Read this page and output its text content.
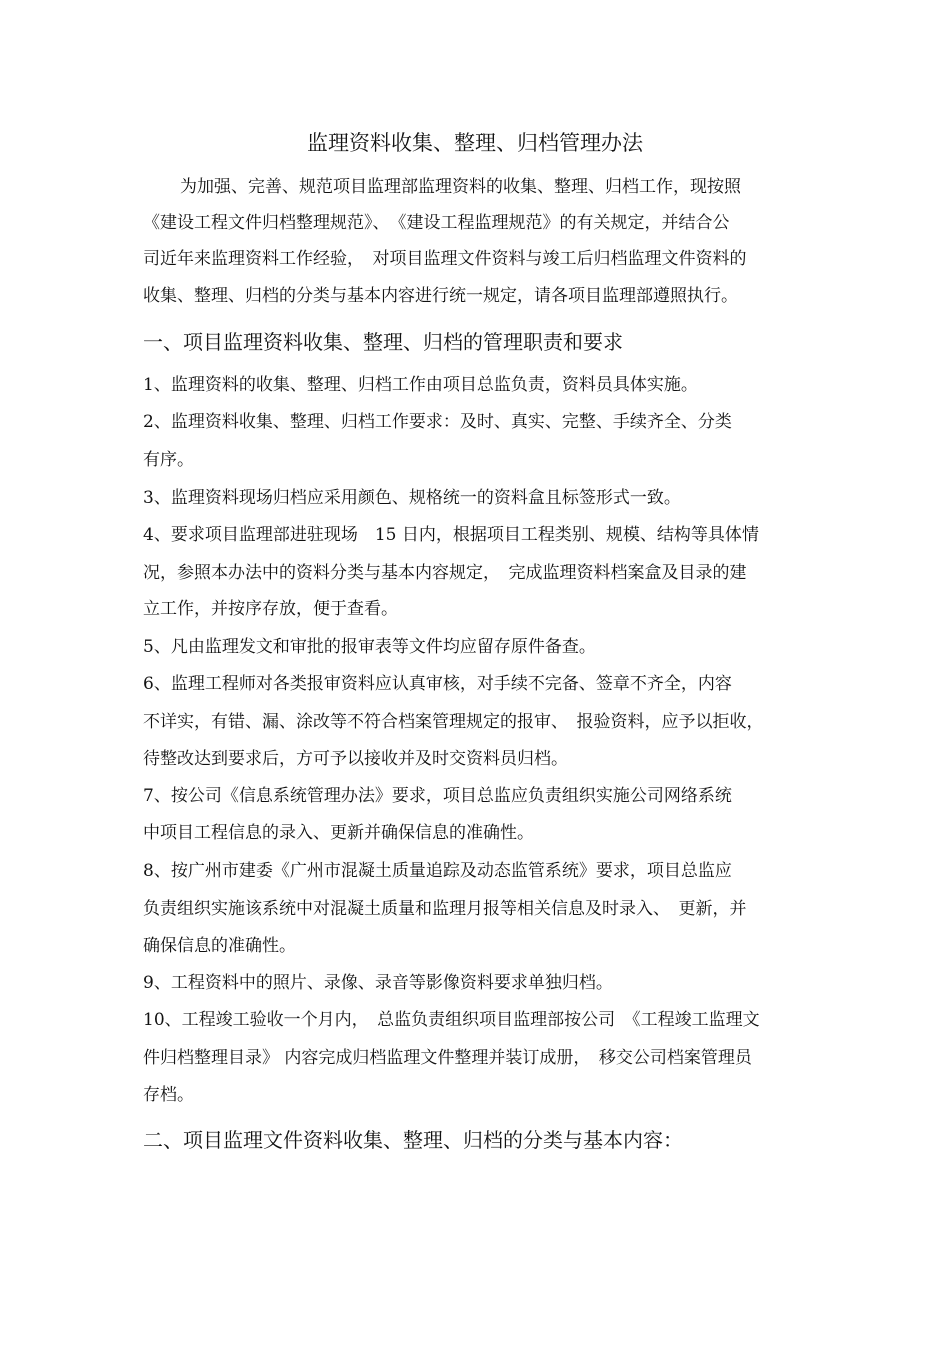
监理资料收集、整理、归档管理办法
为加强、完善、规范项目监理部监理资料的收集、整理、归档工作，现按照
《建设工程文件归档整理规范》、　《建设工程监理规范》的有关规定，并结合公
司近年来监理资料工作经验，　对项目监理文件资料与竣工后归档监理文件资料的
收集、整理、归档的分类与基本内容进行统一规定，请各项目监理部遵照执行。
一、项目监理资料收集、整理、归档的管理职责和要求
1、监理资料的收集、整理、归档工作由项目总监负责，资料员具体实施。
2、监理资料收集、整理、归档工作要求：及时、真实、完整、手续齐全、分类
有序。
3、监理资料现场归档应采用颜色、规格统一的资料盒且标签形式一致。
4、要求项目监理部进驻现场　15 日内，根据项目工程类别、规模、结构等具体情
况，参照本办法中的资料分类与基本内容规定，　完成监理资料档案盒及目录的建
立工作，并按序存放，便于查看。
5、凡由监理发文和审批的报审表等文件均应留存原件备查。
6、监理工程师对各类报审资料应认真审核，对手续不完备、签章不齐全，内容
不详实，有错、漏、涂改等不符合档案管理规定的报审、　报验资料，应予以拒收，
待整改达到要求后，方可予以接收并及时交资料员归档。
7、按公司《信息系统管理办法》要求，项目总监应负责组织实施公司网络系统
中项目工程信息的录入、更新并确保信息的准确性。
8、按广州市建委《广州市混凝土质量追踪及动态监管系统》要求，项目总监应
负责组织实施该系统中对混凝土质量和监理月报等相关信息及时录入、　更新，并
确保信息的准确性。
9、工程资料中的照片、录像、录音等影像资料要求单独归档。
10、工程竣工验收一个月内，　总监负责组织项目监理部按公司　《工程竣工监理文
件归档整理目录》 内容完成归档监理文件整理并装订成册，　移交公司档案管理员
存档。
二、项目监理文件资料收集、整理、归档的分类与基本内容：
